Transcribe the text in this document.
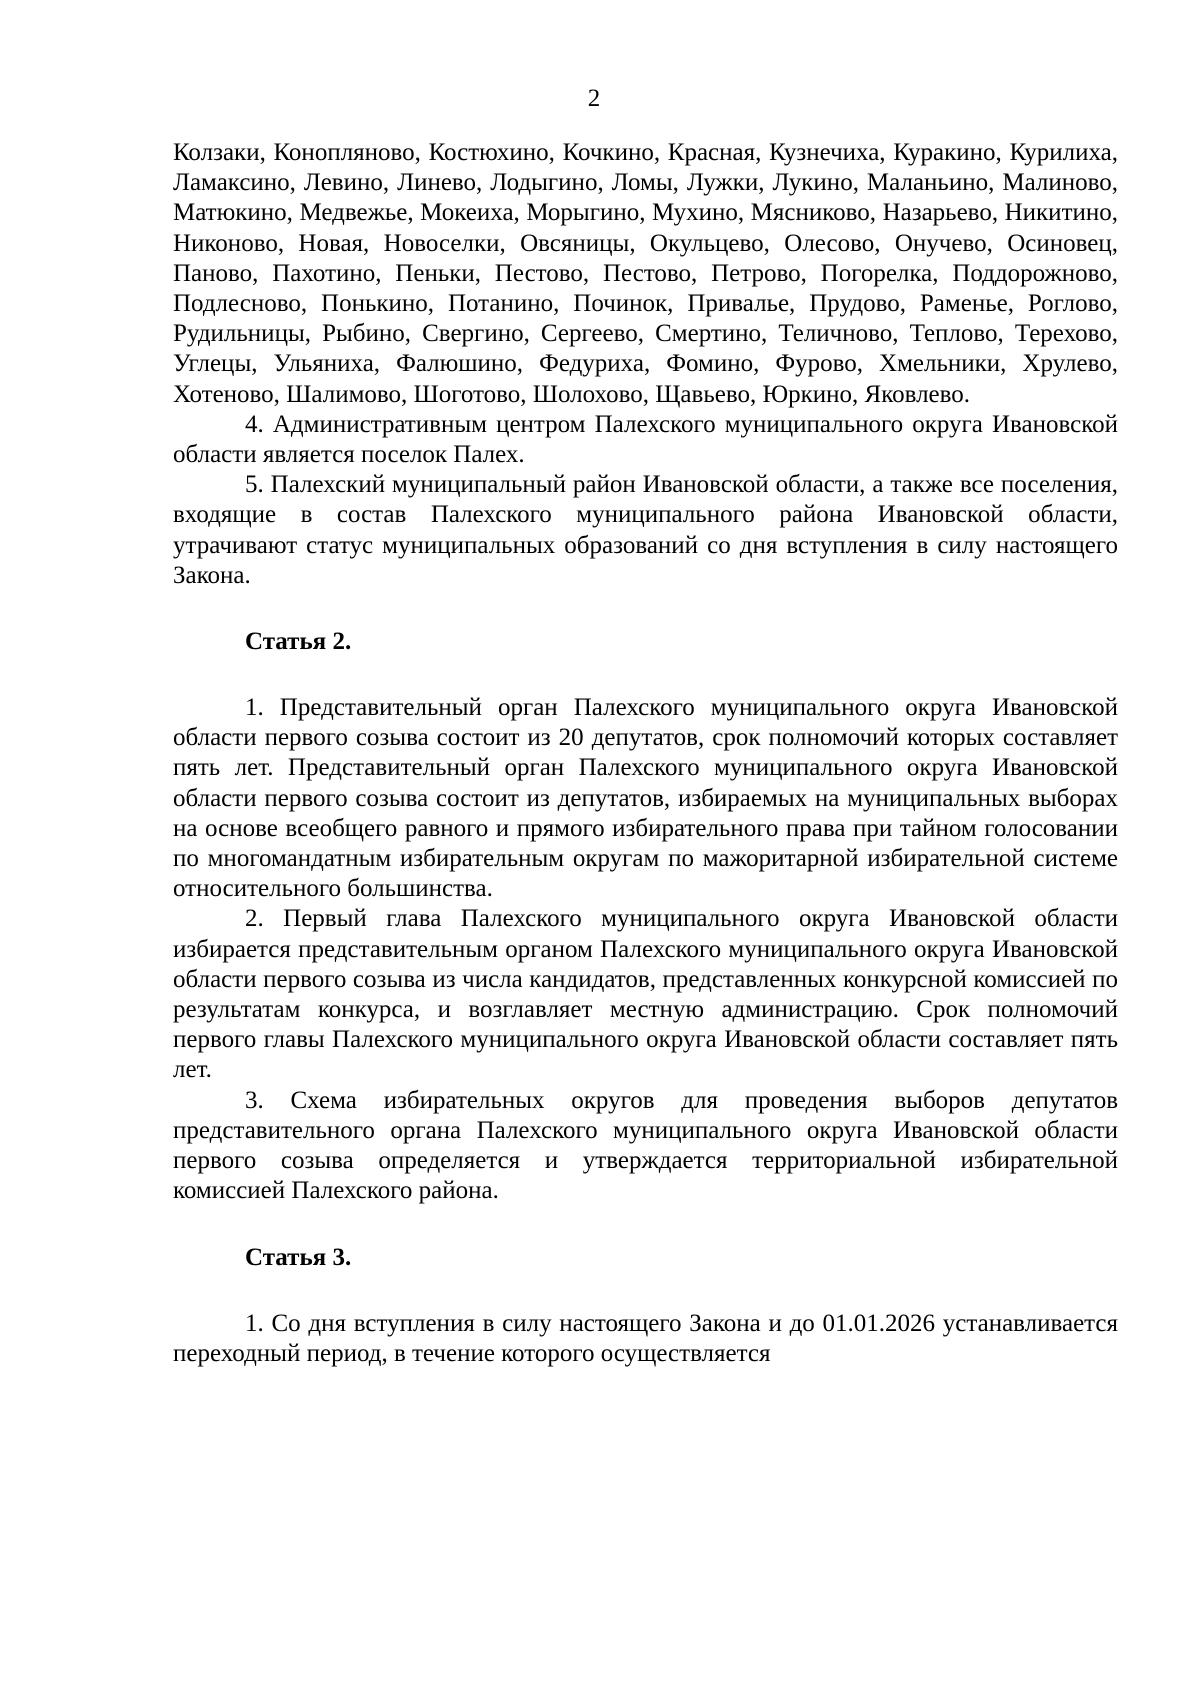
2

Колзаки, Конопляново, Костюхино, Кочкино, Красная, Кузнечиха, Куракино, Курилиха, Ламаксино, Левино, Линево, Лодыгино, Ломы, Лужки, Лукино, Маланьино, Малиново, Матюкино, Медвежье, Мокеиха, Морыгино, Мухино, Мясниково, Назарьево, Никитино, Никоново, Новая, Новоселки, Овсяницы, Окульцево, Олесово, Онучево, Осиновец, Паново, Пахотино, Пеньки, Пестово, Пестово, Петрово, Погорелка, Поддорожново, Подлесново, Понькино, Потанино, Починок, Привалье, Прудово, Раменье, Роглово, Рудильницы, Рыбино, Свергино, Сергеево, Смертино, Теличново, Теплово, Терехово, Углецы, Ульяниха, Фалюшино, Федуриха, Фомино, Фурово, Хмельники, Хрулево, Хотеново, Шалимово, Шоготово, Шолохово, Щавьево, Юркино, Яковлево.

4. Административным центром Палехского муниципального округа Ивановской области является поселок Палех.

5. Палехский муниципальный район Ивановской области, а также все поселения, входящие в состав Палехского муниципального района Ивановской области, утрачивают статус муниципальных образований со дня вступления в силу настоящего Закона.

Статья 2.

1. Представительный орган Палехского муниципального округа Ивановской области первого созыва состоит из 20 депутатов, срок полномочий которых составляет пять лет. Представительный орган Палехского муниципального округа Ивановской области первого созыва состоит из депутатов, избираемых на муниципальных выборах на основе всеобщего равного и прямого избирательного права при тайном голосовании по многомандатным избирательным округам по мажоритарной избирательной системе относительного большинства.

2. Первый глава Палехского муниципального округа Ивановской области избирается представительным органом Палехского муниципального округа Ивановской области первого созыва из числа кандидатов, представленных конкурсной комиссией по результатам конкурса, и возглавляет местную администрацию. Срок полномочий первого главы Палехского муниципального округа Ивановской области составляет пять лет.

3. Схема избирательных округов для проведения выборов депутатов представительного органа Палехского муниципального округа Ивановской области первого созыва определяется и утверждается территориальной избирательной комиссией Палехского района.

Статья 3.

1. Со дня вступления в силу настоящего Закона и до 01.01.2026 устанавливается переходный период, в течение которого осуществляется
